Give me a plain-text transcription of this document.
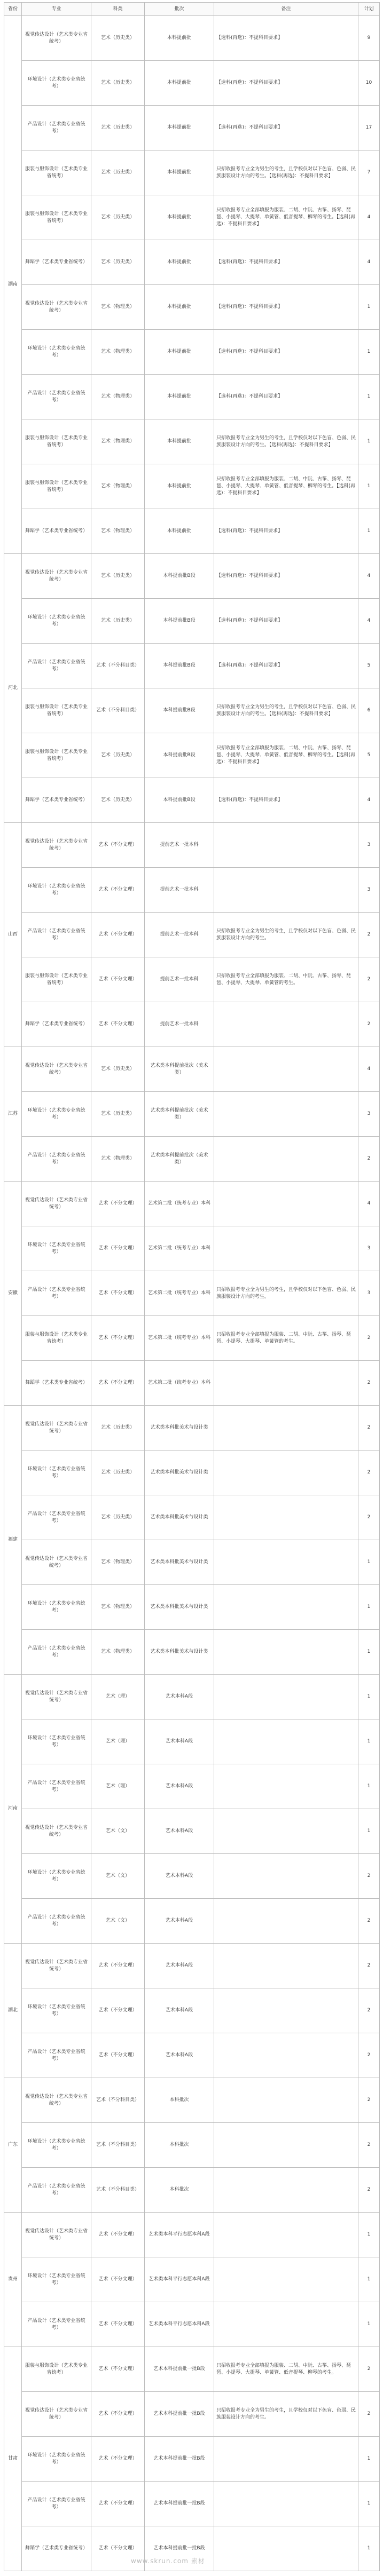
省份	专业	科类	批次	备注	计划
湖南	视觉传达设计（艺术类专业省统考）	艺术（历史类）	本科提前批	【选科(再选)：不提科目要求】	9
	环境设计（艺术类专业省统考）	艺术（历史类）	本科提前批	【选科(再选)：不提科目要求】	10
	产品设计（艺术类专业省统考）	艺术（历史类）	本科提前批	【选科(再选)：不提科目要求】	17
	服装与服饰设计（艺术类专业省统考）	艺术（历史类）	本科提前批	只招收报考专业全为男生的考生，且学校仅对以下色盲、色弱、民族服装设计方向的考生。【选科(再选)：不提科目要求】	7
	服装与服饰设计（艺术类专业省统考）	艺术（历史类）	本科提前批	只招收报考专业全部填报为服装、二胡、中阮、古筝、扬琴、琵琶、小提琴、大提琴、单簧管、低音提琴、柳琴的考生。【选科(再选)：不提科目要求】	4
	舞蹈学（艺术类专业省统考）	艺术（历史类）	本科提前批	【选科(再选)：不提科目要求】	4
	视觉传达设计（艺术类专业省统考）	艺术（物理类）	本科提前批	【选科(再选)：不提科目要求】	1
	环境设计（艺术类专业省统考）	艺术（物理类）	本科提前批	【选科(再选)：不提科目要求】	1
	产品设计（艺术类专业省统考）	艺术（物理类）	本科提前批	【选科(再选)：不提科目要求】	1
	服装与服饰设计（艺术类专业省统考）	艺术（物理类）	本科提前批	只招收报考专业全为男生的考生，且学校仅对以下色盲、色弱、民族服装设计方向的考生。【选科(再选)：不提科目要求】	1
	服装与服饰设计（艺术类专业省统考）	艺术（物理类）	本科提前批	只招收报考专业全部填报为服装、二胡、中阮、古筝、扬琴、琵琶、小提琴、大提琴、单簧管、低音提琴、柳琴的考生。【选科(再选)：不提科目要求】	1
	舞蹈学（艺术类专业省统考）	艺术（物理类）	本科提前批	【选科(再选)：不提科目要求】	1
河北	视觉传达设计（艺术类专业省统考）	艺术（历史类）	本科提前批B段	【选科(再选)：不提科目要求】	4
	环境设计（艺术类专业省统考）	艺术（历史类）	本科提前批B段	【选科(再选)：不提科目要求】	4
	产品设计（艺术类专业省统考）	艺术（不分科目类）	本科提前批B段	【选科(再选)：不提科目要求】	5
	服装与服饰设计（艺术类专业省统考）	艺术（不分科目类）	本科提前批B段	只招收报考专业全为男生的考生，且学校仅对以下色盲、色弱、民族服装设计方向的考生。【选科(再选)：不提科目要求】	6
	服装与服饰设计（艺术类专业省统考）	艺术（历史类）	本科提前批B段	只招收报考专业全部填报为服装、二胡、中阮、古筝、扬琴、琵琶、小提琴、大提琴、单簧管、低音提琴、柳琴的考生。【选科(再选)：不提科目要求】	5
	舞蹈学（艺术类专业省统考）	艺术（历史类）	本科提前批B段	【选科(再选)：不提科目要求】	4
山西	视觉传达设计（艺术类专业省统考）	艺术（不分文理）	提前艺术一批本科		3
	环境设计（艺术类专业省统考）	艺术（不分文理）	提前艺术一批本科		3
	产品设计（艺术类专业省统考）	艺术（不分文理）	提前艺术一批本科	只招收报考专业全为男生的考生，且学校仅对以下色盲、色弱、民族服装设计方向的考生。	2
	服装与服饰设计（艺术类专业省统考）	艺术（不分文理）	提前艺术一批本科	只招收报考专业全部填报为服装、二胡、中阮、古筝、扬琴、琵琶、小提琴、大提琴、单簧管的考生。	2
	舞蹈学（艺术类专业省统考）	艺术（不分文理）	提前艺术一批本科		2
江苏	视觉传达设计（艺术类专业省统考）	艺术（历史类）	艺术类本科提前批次（美术类）		4
	环境设计（艺术类专业省统考）	艺术（历史类）	艺术类本科提前批次（美术类）		3
	产品设计（艺术类专业省统考）	艺术（物理类）	艺术类本科提前批次（美术类）		2
安徽	视觉传达设计（艺术类专业省统考）	艺术（不分文理）	艺术第二批（统考专业）本科		4
	环境设计（艺术类专业省统考）	艺术（不分文理）	艺术第二批（统考专业）本科		3
	产品设计（艺术类专业省统考）	艺术（不分文理）	艺术第二批（统考专业）本科	只招收报考专业全为男生的考生，且学校仅对以下色盲、色弱、民族服装设计方向的考生。	3
	服装与服饰设计（艺术类专业省统考）	艺术（不分文理）	艺术第二批（统考专业）本科	只招收报考专业全部填报为服装、二胡、中阮、古筝、扬琴、琵琶、小提琴、大提琴、单簧管的考生。	2
	舞蹈学（艺术类专业省统考）	艺术（不分文理）	艺术第二批（统考专业）本科		2
福建	视觉传达设计（艺术类专业省统考）	艺术（历史类）	艺术类本科批美术与设计类		2
	环境设计（艺术类专业省统考）	艺术（历史类）	艺术类本科批美术与设计类		2
	产品设计（艺术类专业省统考）	艺术（历史类）	艺术类本科批美术与设计类		2
	视觉传达设计（艺术类专业省统考）	艺术（物理类）	艺术类本科批美术与设计类		1
	环境设计（艺术类专业省统考）	艺术（物理类）	艺术类本科批美术与设计类		1
	产品设计（艺术类专业省统考）	艺术（物理类）	艺术类本科批美术与设计类		1
河南	视觉传达设计（艺术类专业省统考）	艺术（理）	艺术本科A段		1
	环境设计（艺术类专业省统考）	艺术（理）	艺术本科A段		1
	产品设计（艺术类专业省统考）	艺术（理）	艺术本科A段		1
	视觉传达设计（艺术类专业省统考）	艺术（文）	艺术本科A段		1
	环境设计（艺术类专业省统考）	艺术（文）	艺术本科A段		2
	产品设计（艺术类专业省统考）	艺术（文）	艺术本科A段		2
湖北	视觉传达设计（艺术类专业省统考）	艺术（不分文理）	艺术本科A段		2
	环境设计（艺术类专业省统考）	艺术（不分文理）	艺术本科A段		2
	产品设计（艺术类专业省统考）	艺术（不分文理）	艺术本科A段		2
广东	视觉传达设计（艺术类专业省统考）	艺术（不分科目类）	本科批次		2
	环境设计（艺术类专业省统考）	艺术（不分科目类）	本科批次		2
	产品设计（艺术类专业省统考）	艺术（不分科目类）	本科批次		2
贵州	视觉传达设计（艺术类专业省统考）	艺术（不分文理）	艺术类本科平行志愿本科A段		1
	环境设计（艺术类专业省统考）	艺术（不分文理）	艺术类本科平行志愿本科A段		1
	产品设计（艺术类专业省统考）	艺术（不分文理）	艺术类本科平行志愿本科A段		1
甘肃	服装与服饰设计（艺术类专业省统考）	艺术（不分文理）	艺术本科提前批一批B段	只招收报考专业全部填报为服装、二胡、中阮、古筝、扬琴、琵琶、小提琴、大提琴、单簧管、低音提琴、柳琴的考生。	2
	视觉传达设计（艺术类专业省统考）	艺术（不分文理）	艺术本科提前批一批B段	只招收报考专业全为男生的考生，且学校仅对以下色盲、色弱、民族服装设计方向的考生。	2
	环境设计（艺术类专业省统考）	艺术（不分文理）	艺术本科提前批一批B段		1
	产品设计（艺术类专业省统考）	艺术（不分文理）	艺术本科提前批一批B段		1
	舞蹈学（艺术类专业省统考）	艺术（不分文理）	艺术本科提前批一批B段		1
www.skrun.com 素材
